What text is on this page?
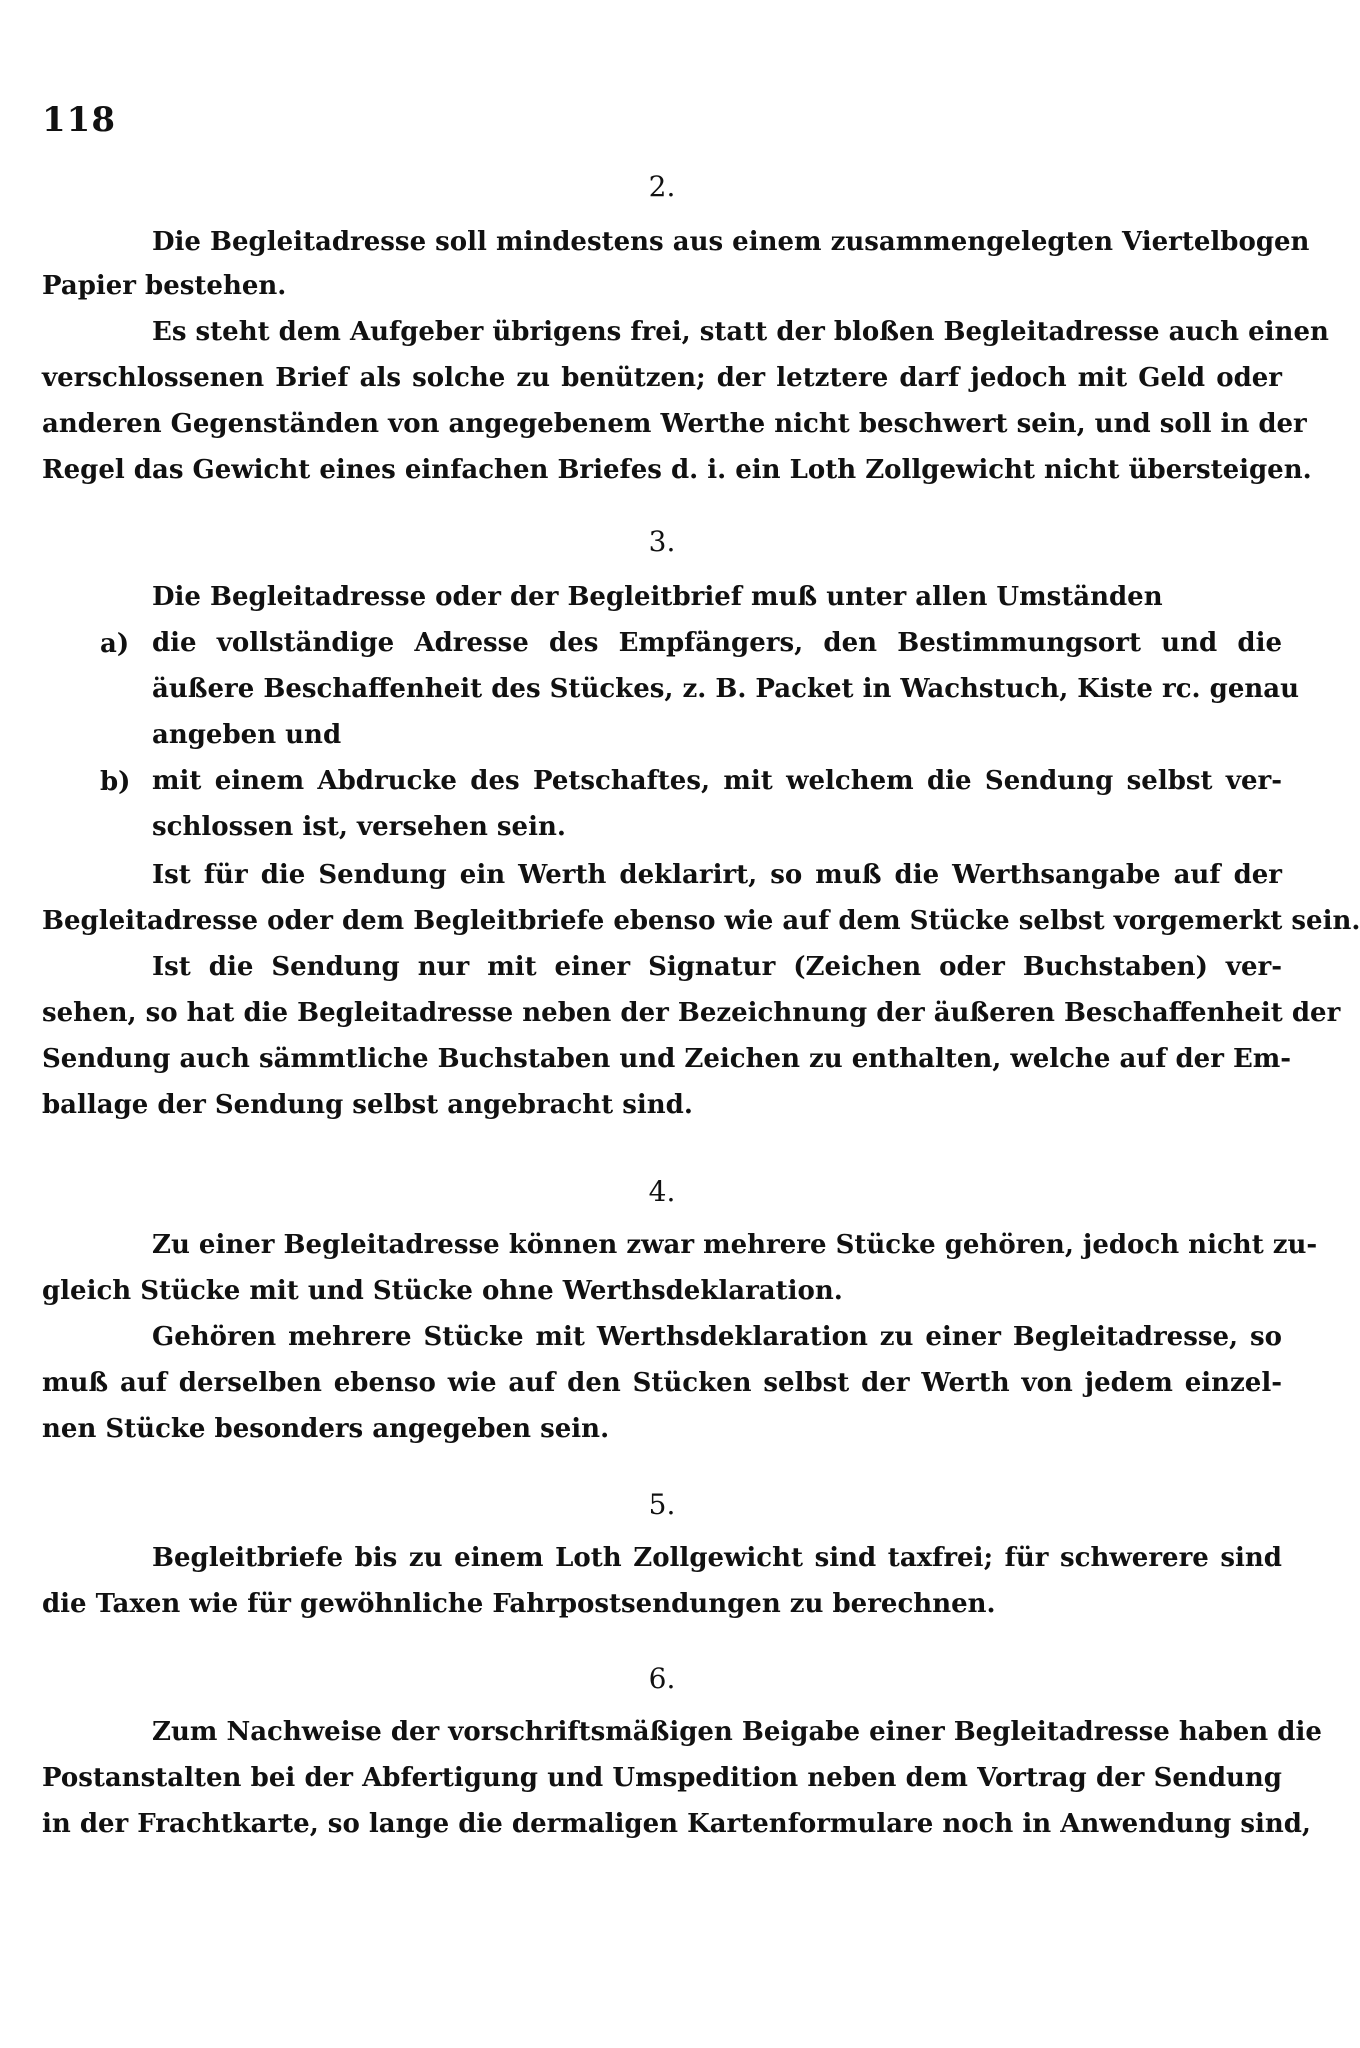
118
2.
Die Begleitadresse soll mindestens aus einem zusammengelegten Viertelbogen
Papier bestehen.
Es steht dem Aufgeber übrigens frei, statt der bloßen Begleitadresse auch einen
verschlossenen Brief als solche zu benützen; der letztere darf jedoch mit Geld oder
anderen Gegenständen von angegebenem Werthe nicht beschwert sein, und soll in der
Regel das Gewicht eines einfachen Briefes d. i. ein Loth Zollgewicht nicht übersteigen.
3.
Die Begleitadresse oder der Begleitbrief muß unter allen Umständen
a) die vollständige Adresse des Empfängers, den Bestimmungsort und die
äußere Beschaffenheit des Stückes, z. B. Packet in Wachstuch, Kiste rc. genau
angeben und
b) mit einem Abdrucke des Petschaftes, mit welchem die Sendung selbst ver-
schlossen ist, versehen sein.
Ist für die Sendung ein Werth deklarirt, so muß die Werthsangabe auf der
Begleitadresse oder dem Begleitbriefe ebenso wie auf dem Stücke selbst vorgemerkt sein.
Ist die Sendung nur mit einer Signatur (Zeichen oder Buchstaben) ver-
sehen, so hat die Begleitadresse neben der Bezeichnung der äußeren Beschaffenheit der
Sendung auch sämmtliche Buchstaben und Zeichen zu enthalten, welche auf der Em-
ballage der Sendung selbst angebracht sind.
4.
Zu einer Begleitadresse können zwar mehrere Stücke gehören, jedoch nicht zu-
gleich Stücke mit und Stücke ohne Werthsdeklaration.
Gehören mehrere Stücke mit Werthsdeklaration zu einer Begleitadresse, so
muß auf derselben ebenso wie auf den Stücken selbst der Werth von jedem einzel-
nen Stücke besonders angegeben sein.
5.
Begleitbriefe bis zu einem Loth Zollgewicht sind taxfrei; für schwerere sind
die Taxen wie für gewöhnliche Fahrpostsendungen zu berechnen.
6.
Zum Nachweise der vorschriftsmäßigen Beigabe einer Begleitadresse haben die
Postanstalten bei der Abfertigung und Umspedition neben dem Vortrag der Sendung
in der Frachtkarte, so lange die dermaligen Kartenformulare noch in Anwendung sind,
